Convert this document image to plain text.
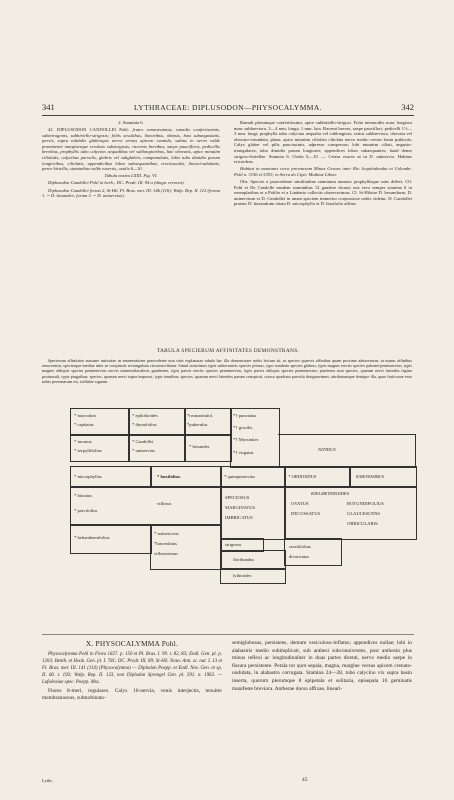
341	LYTHRACEAE: DIPLUSODON—PHYSOCALYMMA.	342

2. Staminia 6.

42. DIPLUSODON CANDOLLEI Pohl: frutex ramosissimus, ramulis confertissimis, subtetragonis, subhirtello-strigosis; foliis sessilibus, linearibus, obtusis, basi subangustatis, parvis, supra nitidulis glabrisque nervo versus apicem evanido, subtus in nervo valde prominente marginesque revoluto substrigosis; racemis brevibus, saepe paucifloris, pedicellis brevibus, prophyllis tubo calycino aequalibus vel sublongioribus, late obovatis, apice minutim ciliolatis; calycibus parvulis, glabris vel subglabris, campanulatis, lobis tubo dimidio parum longioribus, ciliolatis, appendicibus lobos subaequantibus, erectiusculis, lineari-subulatis, parce hirtellis, staminibus valde exsertis, ovulis 6—10.

Tabula nostra LXIII. Fig. VI.

Diplusodon Candollei Pohl in herb.; DC. Prodr. III. 94 a (dingn. errorea).

Diplusodon Candollei forma 2, St-Hil. Fl. Bras. mer. III. 146 (116); Walp. Rep. II. 112 (forma 1. = D. hexander; forma 3. = D. uninervius).

Ramuli plerumque conferitissimi, apice subhirtello-strigosi. Folia internodiis nunc longiora nunc subbreviora, 3—4 mm. longa, 1 mm. lata. Racemi breves, saepe pauciflori; pedicelli 1½—3 mm. longi; prophylla tubo calycino aequalia vel sublongiora, rarius subbreviora, obovata vel obovato-rotundata, plana, apice minutim ciliolata ciliolata nervo medio versus basin pubicula. Calyx glaber vel pilis paucissimis, adpresse conspersus; lobi minutim ciliati, angusto-triangulares, tubo dimidio parum longiores; appendices lobos subaequantes, haud dense strigoso-hirtellae. Stamina 6. Ovula 6—10. — Cetera exacte ut in D. uninervio. Habitus ericoideus.

Habitat in montanis circa provinciam Minas Geraes inter Rio Jequitinhonha et Colombi: Pohl n. 3156 et 5353; in Serra do Cipó: Mathiae Libon.

Obs. Species a praecedente similitudine staminum numero prophyllisque satis differt. Cll. Pohl et De Candolle eandem staminibus 12 gaudere dicunt; nos vero semper stamina 6 in exemplaribus et a Pohlio et a Lindenio collectis observavimus. Cl. St-Hilaire D. hexandrum, D. uninervium et D. Candollei in unam speciem immerito conjunxisse nobis videtur. D. Candollei praetur D. hexandrum etiam D. microphyllo et D. buxifolio affinis.

TABULA SPECIERUM AFFINITATES DEMONSTRANS.
Specierum affinitates maxime intricatae in enumeratione praecedente non satis explanatae tabula hac illa demonstrare nobis lectum sit, ut species quaevis affinibus quam proxime admoveatur, ut minus affinibus removeatur, speciesque mediae inter se conjunctis rectangulum circumscribatur. Simul notavimus typis subterraneis species pilosas, typo sonderto species glabras, typis magnis erectis species palmati-penninervias, typis magnis obliquis species penninervias nervis immersulaculosis gaudentes, typis parvis erectis species penninervias, typis parvis obliquis species penninervias; praeterea sunt species, quarum nervi laterales fagino pruinosuli, typis pinguibus; species, quarum nervi supra impressi, typis tenuibus; species, quarum nervi laterales parum conspicui, crasso quadrato parvula designavimus; attributumque denique illa, quae fruticosae esse nobis perennarum est, stellulae signum.
* macrodon
* capitatus
* epilobioides
* thymifolius
*rosmarinifol.
*puberulus
*† punctatus
*† gracilis
*† Myrsinites
*† virgatus
* incanus
* serpyllifolius
* Candollei
* uninervius
* hexander
NITIDUS
* microphyllus	* buxifolius.	* quinquinervius	* ORDONDUS	RAMOSISSIMUS
* hirsutus
* parvifolius
villosus
SPECIOSUS
MARGINATUS
IMBRICATUS
KIELMEYEROIDES
OVATUS
DECUSSATUS
ROTUNDIFOLIUS
GLAUCESCENS
ORBICULARIS
* helianthemifolius
* subsericeus
*lanceolatus
villosissimus
strigosus
floribundus
sessilifolius
divaricatus
lythroides
X. PHYSOCALYMMA Pohl.

Physocalymma Pohl in Flora 1827. p. 150 et Pl. Bras. I. 99. t. 82, 83; Endl. Gen. pl. p. 1203; Benth. et Hook. Gen. pl. I. 781; DC. Prodr. III. 89; St-Hil. Nouv. Ann. sc. nat. I. 13 et Fl. Bras. mer. III. 141 (114) (Physocalymna) — Diplodon Poepp. et Endl. Nov. Gen. et sp. II. 66. t. 193; Walp. Rep. II. 123, non Diplodon Sprengel Gen. pl. 391. n. 1963. — Lafoënsiae spec. Poepp. Mss.

Flores 8-meri, regulares. Calyx 16-nervia, venis interjectis, tenuiter membranaceus, subturbinato-

semiglobosus, persistens, demum vesiculoso-inflatus; appendices nullae; lobi in alabastris medio subimplicati, sub anthesi subconniventes, post anthesin plus minus reflexi ac longitudinaliter in duas partes direnti, nervo medio saepe in fissura persistente. Petala tot quot sepala, magna, margine versus apicem crenato-undulata, in alabastro corrugata. Stamina 24—28, tubo calycino vix supra basin inserta, quorum plerumque 8 epipetala et solitaria, episepala 16 geminatis manifeste breviora. Antherae dorso affixae, lineari-

Lythr.	45
